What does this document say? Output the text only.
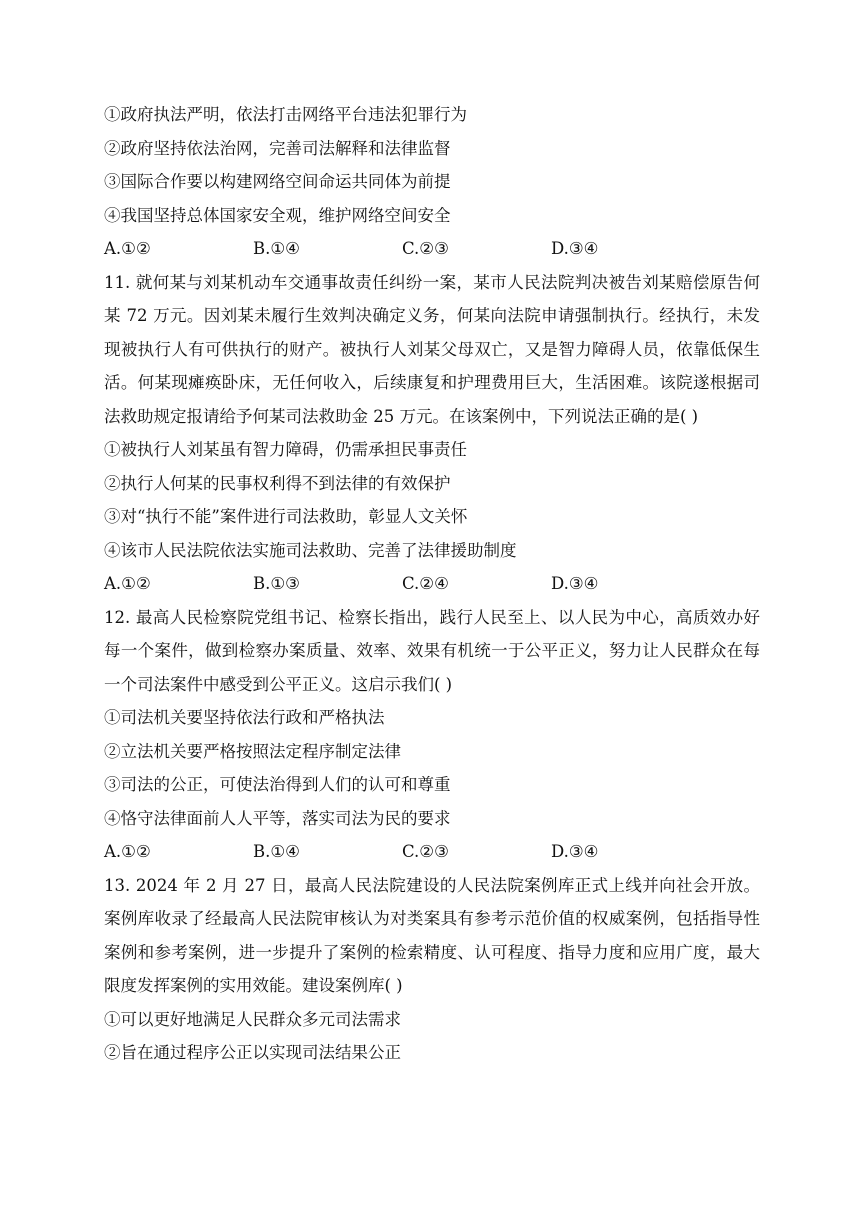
①政府执法严明，依法打击网络平台违法犯罪行为
②政府坚持依法治网，完善司法解释和法律监督
③国际合作要以构建网络空间命运共同体为前提
④我国坚持总体国家安全观，维护网络空间安全
A.①②	B.①④	C.②③	D.③④
11. 就何某与刘某机动车交通事故责任纠纷一案，某市人民法院判决被告刘某赔偿原告何某 72 万元。因刘某未履行生效判决确定义务，何某向法院申请强制执行。经执行，未发现被执行人有可供执行的财产。被执行人刘某父母双亡，又是智力障碍人员，依靠低保生活。何某现瘫痪卧床，无任何收入，后续康复和护理费用巨大，生活困难。该院遂根据司法救助规定报请给予何某司法救助金 25 万元。在该案例中，下列说法正确的是( )
①被执行人刘某虽有智力障碍，仍需承担民事责任
②执行人何某的民事权利得不到法律的有效保护
③对“执行不能”案件进行司法救助，彰显人文关怀
④该市人民法院依法实施司法救助、完善了法律援助制度
A.①②	B.①③	C.②④	D.③④
12. 最高人民检察院党组书记、检察长指出，践行人民至上、以人民为中心，高质效办好每一个案件，做到检察办案质量、效率、效果有机统一于公平正义，努力让人民群众在每一个司法案件中感受到公平正义。这启示我们( )
①司法机关要坚持依法行政和严格执法
②立法机关要严格按照法定程序制定法律
③司法的公正，可使法治得到人们的认可和尊重
④恪守法律面前人人平等，落实司法为民的要求
A.①②	B.①④	C.②③	D.③④
13. 2024 年 2 月 27 日，最高人民法院建设的人民法院案例库正式上线并向社会开放。案例库收录了经最高人民法院审核认为对类案具有参考示范价值的权威案例，包括指导性案例和参考案例，进一步提升了案例的检索精度、认可程度、指导力度和应用广度，最大限度发挥案例的实用效能。建设案例库( )
①可以更好地满足人民群众多元司法需求
②旨在通过程序公正以实现司法结果公正
